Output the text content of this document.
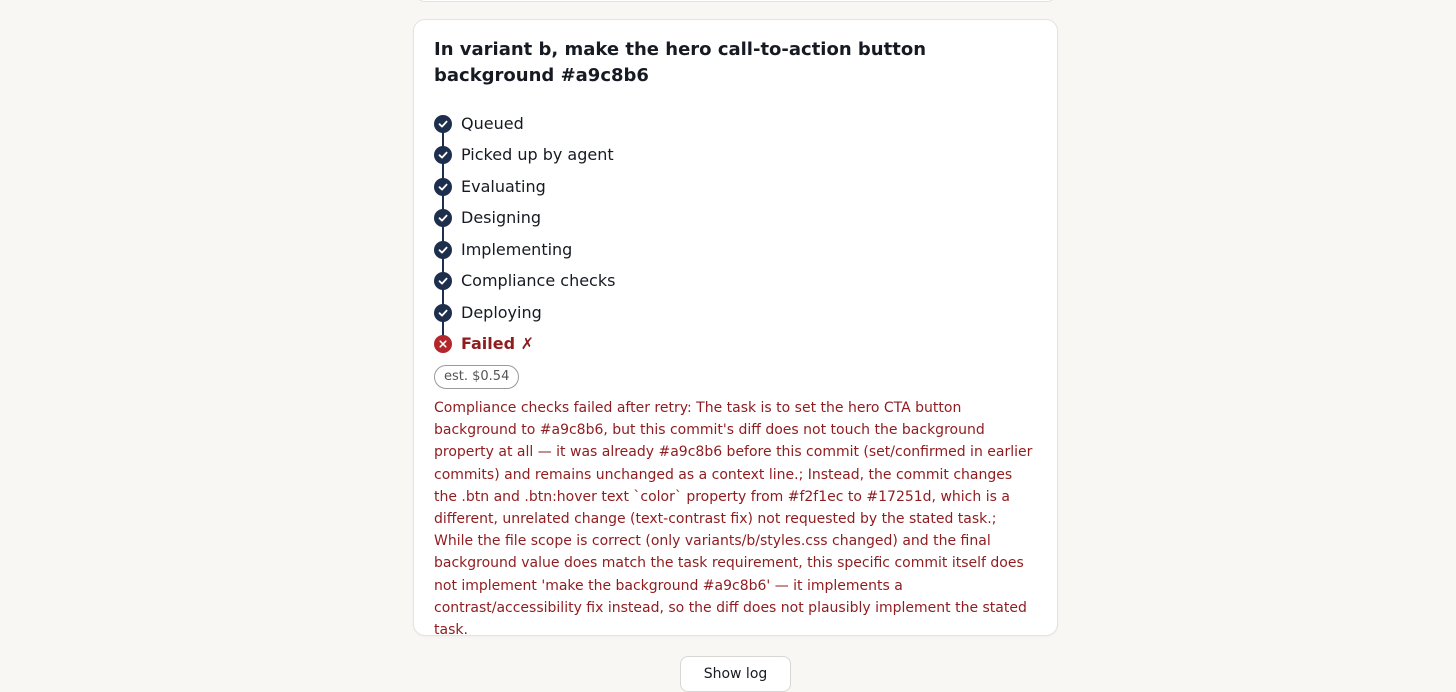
In variant b, make the hero call-to-action button background #a9c8b6
Queued
Picked up by agent
Evaluating
Designing
Implementing
Compliance checks
Deploying
Failed ✗
est. $0.54
Compliance checks failed after retry: The task is to set the hero CTA button background to #a9c8b6, but this commit's diff does not touch the background property at all — it was already #a9c8b6 before this commit (set/confirmed in earlier commits) and remains unchanged as a context line.; Instead, the commit changes the .btn and .btn:hover text `color` property from #f2f1ec to #17251d, which is a different, unrelated change (text-contrast fix) not requested by the stated task.; While the file scope is correct (only variants/b/styles.css changed) and the final background value does match the task requirement, this specific commit itself does not implement 'make the background #a9c8b6' — it implements a contrast/accessibility fix instead, so the diff does not plausibly implement the stated task.
Show log
